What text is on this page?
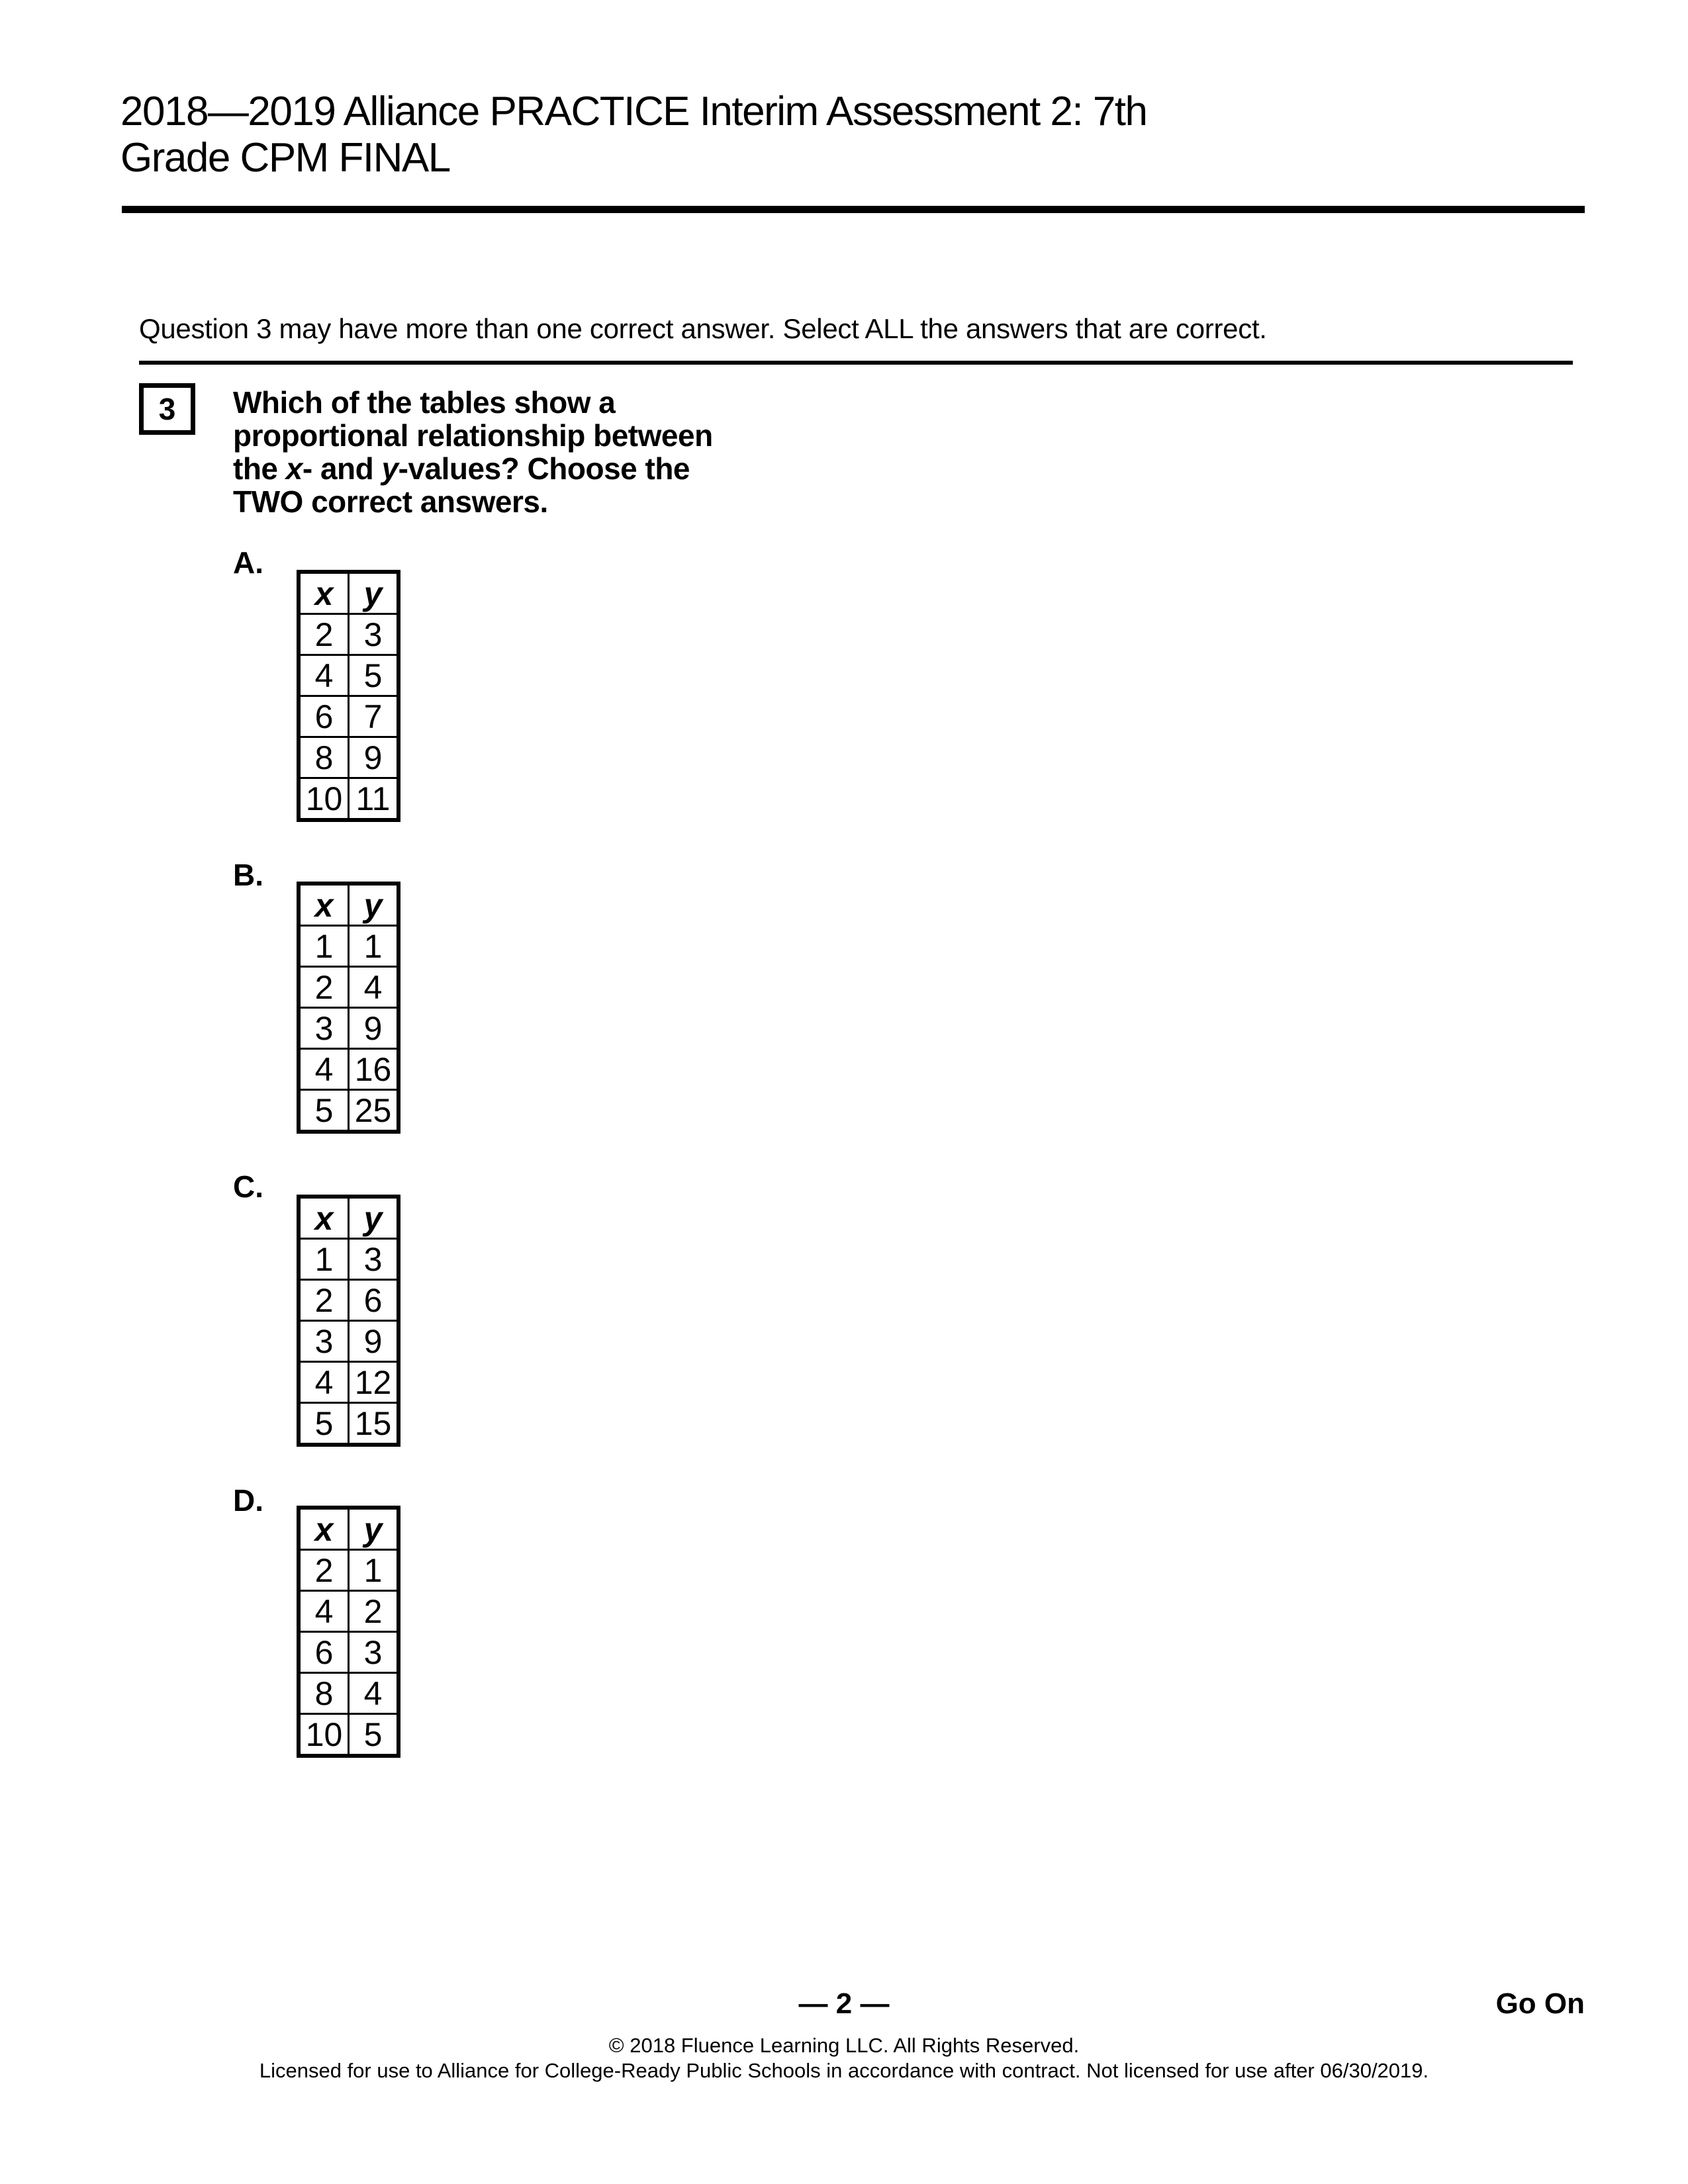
2018—2019 Alliance PRACTICE Interim Assessment 2: 7th
Grade CPM FINAL
Question 3 may have more than one correct answer. Select ALL the answers that are correct.
3 Which of the tables show a
proportional relationship between
the x- and y-values? Choose the
TWO correct answers.
A.
x	y
2	3
4	5
6	7
8	9
10	11
B.
x	y
1	1
2	4
3	9
4	16
5	25
C.
x	y
1	3
2	6
3	9
4	12
5	15
D.
x	y
2	1
4	2
6	3
8	4
10	5
— 2 —	Go On
© 2018 Fluence Learning LLC. All Rights Reserved.
Licensed for use to Alliance for College-Ready Public Schools in accordance with contract. Not licensed for use after 06/30/2019.
